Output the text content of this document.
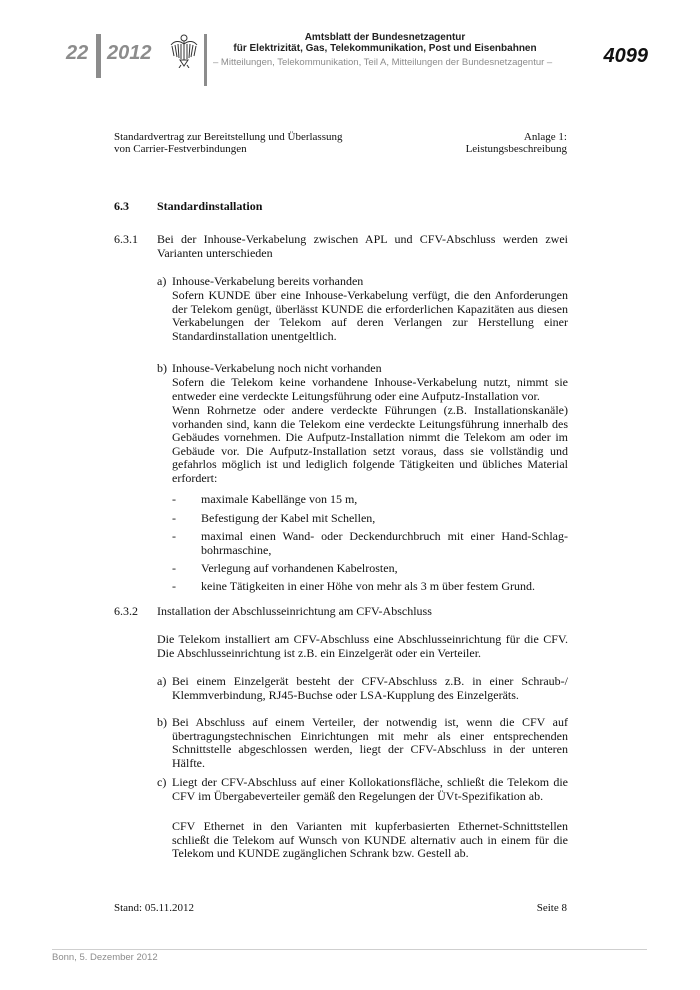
22 2012
Amtsblatt der Bundesnetzagentur
für Elektrizität, Gas, Telekommunikation, Post und Eisenbahnen
– Mitteilungen, Telekommunikation, Teil A, Mitteilungen der Bundesnetzagentur –	4099
Standardvertrag zur Bereitstellung und Überlassung
von Carrier-Festverbindungen
Anlage 1:
Leistungsbeschreibung
6.3 Standardinstallation
6.3.1 Bei der Inhouse-Verkabelung zwischen APL und CFV-Abschluss werden zwei Varianten unterschieden

a) Inhouse-Verkabelung bereits vorhanden

Sofern KUNDE über eine Inhouse-Verkabelung verfügt, die den Anforderungen der Telekom genügt, überlässt KUNDE die erforderlichen Kapazitäten aus diesen Verkabelungen der Telekom auf deren Verlangen zur Herstellung einer Standardinstallation unentgeltlich.

b) Inhouse-Verkabelung noch nicht vorhanden

Sofern die Telekom keine vorhandene Inhouse-Verkabelung nutzt, nimmt sie entweder eine verdeckte Leitungsführung oder eine Aufputz-Installation vor.

Wenn Rohrnetze oder andere verdeckte Führungen (z.B. Installationskanäle) vorhanden sind, kann die Telekom eine verdeckte Leitungsführung innerhalb des Gebäudes vornehmen. Die Aufputz-Installation nimmt die Telekom am oder im Gebäude vor. Die Aufputz-Installation setzt voraus, dass sie vollständig und gefahrlos möglich ist und lediglich folgende Tätigkeiten und übliches Material erfordert:

- maximale Kabellänge von 15 m,
- Befestigung der Kabel mit Schellen,
- maximal einen Wand- oder Deckendurchbruch mit einer Hand-Schlag-
bohrmaschine,
- Verlegung auf vorhandenen Kabelrosten,
- keine Tätigkeiten in einer Höhe von mehr als 3 m über festem Grund.
6.3.2 Installation der Abschlusseinrichtung am CFV-Abschluss

Die Telekom installiert am CFV-Abschluss eine Abschlusseinrichtung für die CFV. Die Abschlusseinrichtung ist z.B. ein Einzelgerät oder ein Verteiler.

a) Bei einem Einzelgerät besteht der CFV-Abschluss z.B. in einer Schraub-/ Klemmverbindung, RJ45-Buchse oder LSA-Kupplung des Einzelgeräts.

b) Bei Abschluss auf einem Verteiler, der notwendig ist, wenn die CFV auf übertragungstechnischen Einrichtungen mit mehr als einer entsprechenden Schnittstelle abgeschlossen werden, liegt der CFV-Abschluss in der unteren Hälfte.

c) Liegt der CFV-Abschluss auf einer Kollokationsfläche, schließt die Telekom die CFV im Übergabeverteiler gemäß den Regelungen der ÜVt-Spezifikation ab.

CFV Ethernet in den Varianten mit kupferbasierten Ethernet-Schnittstellen schließt die Telekom auf Wunsch von KUNDE alternativ auch in einem für die Telekom und KUNDE zugänglichen Schrank bzw. Gestell ab.

Stand: 05.11.2012	Seite 8
Bonn, 5. Dezember 2012
